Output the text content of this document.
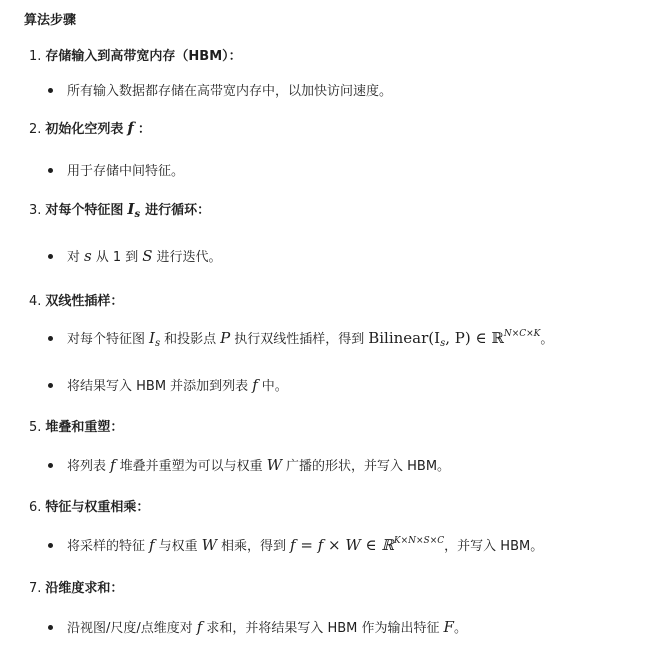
算法步骤
1. 存储输入到高带宽内存（HBM）：
所有输入数据都存储在高带宽内存中，以加快访问速度。
2. 初始化空列表 f ：
用于存储中间特征。
3. 对每个特征图 $I_s$ 进行循环：
对 s 从 1 到 S 进行迭代。
4. 双线性插样：
对每个特征图 $I_s$ 和投影点 P 执行双线性插样，得到 $Bilinear(I_s$, P) ∈ ℝ$^{N\times C\times K}$。
将结果写入 HBM 并添加到列表 f 中。
5. 堆叠和重塑：
将列表 f 堆叠并重塑为可以与权重 W 广播的形状，并写入 HBM。
6. 特征与权重相乘：
将采样的特征 f 与权重 W 相乘，得到 f = f × W ∈ ℝ$^{K\times N\times S\times C}$，并写入 HBM。
7. 沿维度求和：
沿视图/尺度/点维度对 f 求和，并将结果写入 HBM 作为输出特征 F。
